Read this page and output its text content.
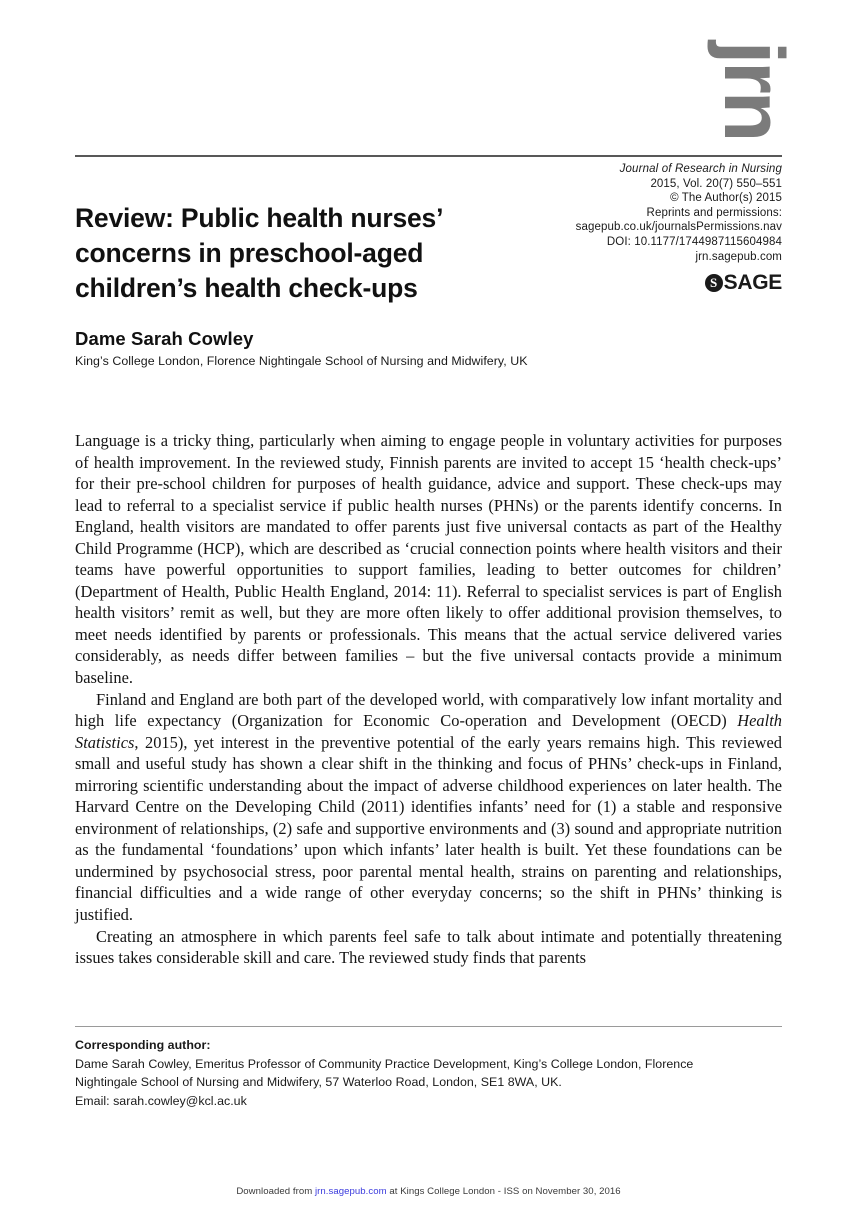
jrn
Journal of Research in Nursing
2015, Vol. 20(7) 550–551
© The Author(s) 2015
Reprints and permissions:
sagepub.co.uk/journalsPermissions.nav
DOI: 10.1177/1744987115604984
jrn.sagepub.com
S SAGE
Review: Public health nurses’ concerns in preschool-aged children’s health check-ups
Dame Sarah Cowley
King’s College London, Florence Nightingale School of Nursing and Midwifery, UK

Language is a tricky thing, particularly when aiming to engage people in voluntary activities for purposes of health improvement. In the reviewed study, Finnish parents are invited to accept 15 ‘health check-ups’ for their pre-school children for purposes of health guidance, advice and support. These check-ups may lead to referral to a specialist service if public health nurses (PHNs) or the parents identify concerns. In England, health visitors are mandated to offer parents just five universal contacts as part of the Healthy Child Programme (HCP), which are described as ‘crucial connection points where health visitors and their teams have powerful opportunities to support families, leading to better outcomes for children’ (Department of Health, Public Health England, 2014: 11). Referral to specialist services is part of English health visitors’ remit as well, but they are more often likely to offer additional provision themselves, to meet needs identified by parents or professionals. This means that the actual service delivered varies considerably, as needs differ between families – but the five universal contacts provide a minimum baseline.

Finland and England are both part of the developed world, with comparatively low infant mortality and high life expectancy (Organization for Economic Co-operation and Development (OECD) Health Statistics, 2015), yet interest in the preventive potential of the early years remains high. This reviewed small and useful study has shown a clear shift in the thinking and focus of PHNs’ check-ups in Finland, mirroring scientific understanding about the impact of adverse childhood experiences on later health. The Harvard Centre on the Developing Child (2011) identifies infants’ need for (1) a stable and responsive environment of relationships, (2) safe and supportive environments and (3) sound and appropriate nutrition as the fundamental ‘foundations’ upon which infants’ later health is built. Yet these foundations can be undermined by psychosocial stress, poor parental mental health, strains on parenting and relationships, financial difficulties and a wide range of other everyday concerns; so the shift in PHNs’ thinking is justified.

Creating an atmosphere in which parents feel safe to talk about intimate and potentially threatening issues takes considerable skill and care. The reviewed study finds that parents

Corresponding author:
Dame Sarah Cowley, Emeritus Professor of Community Practice Development, King’s College London, Florence
Nightingale School of Nursing and Midwifery, 57 Waterloo Road, London, SE1 8WA, UK.
Email: sarah.cowley@kcl.ac.uk
Downloaded from jrn.sagepub.com at Kings College London - ISS on November 30, 2016
